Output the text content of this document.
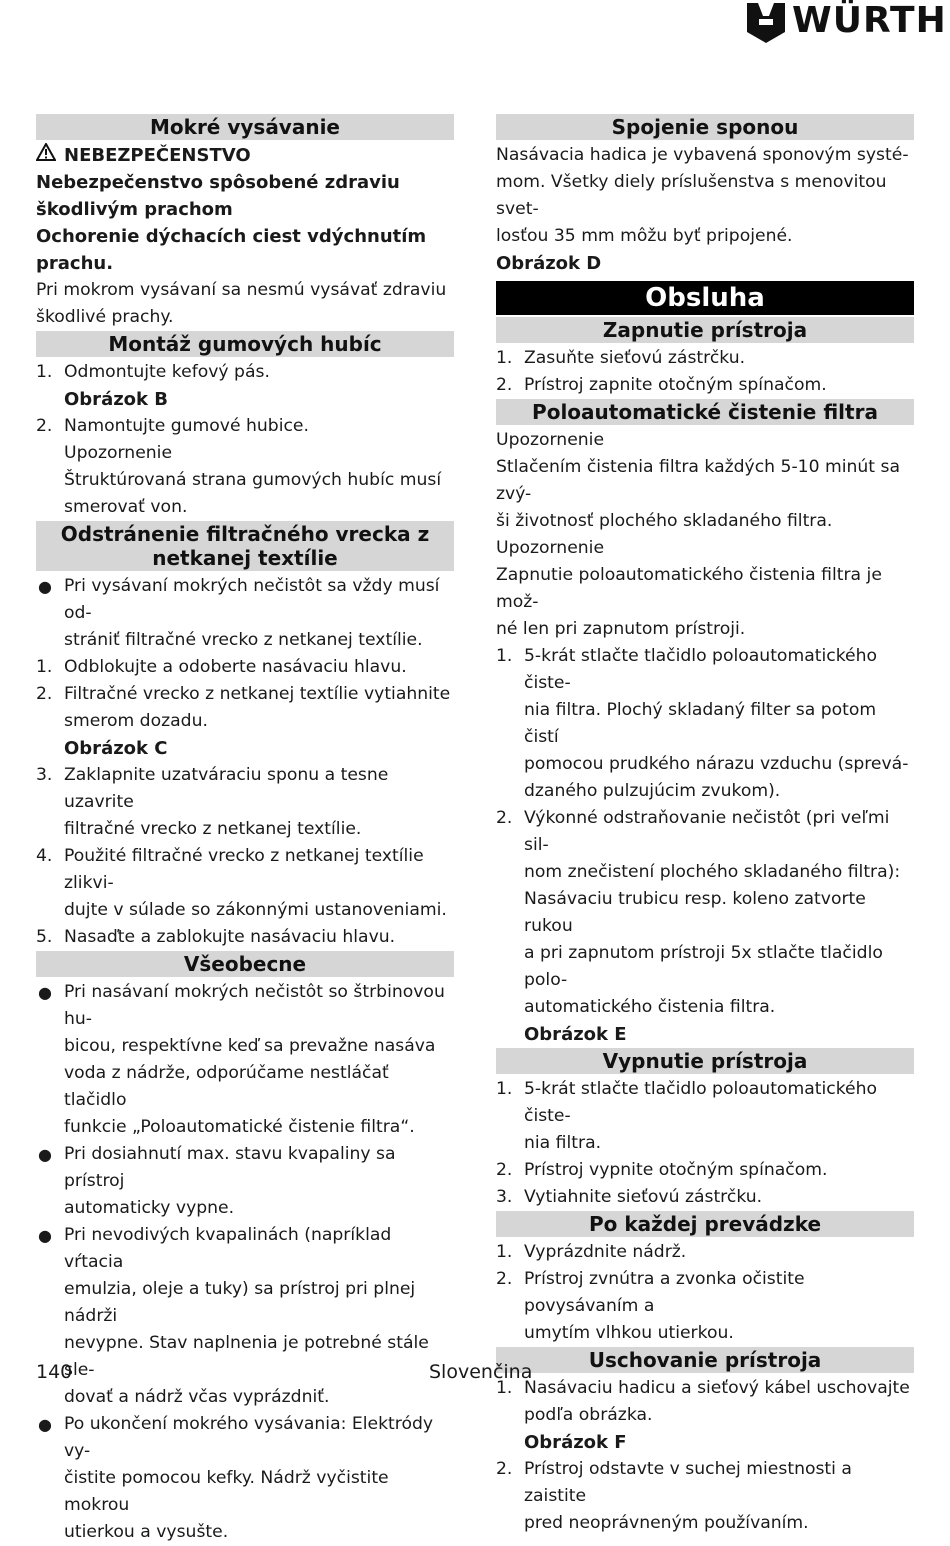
WÜRTH
Mokré vysávanie
NEBEZPEČENSTVO
Nebezpečenstvo spôsobené zdraviu
škodlivým prachom
Ochorenie dýchacích ciest vdýchnutím
prachu.
Pri mokrom vysávaní sa nesmú vysávať zdraviu
škodlivé prachy.
Montáž gumových hubíc
1. Odmontujte kefový pás.
Obrázok B
2. Namontujte gumové hubice.
Upozornenie
Štruktúrovaná strana gumových hubíc musí
smerovať von.
Odstránenie filtračného vrecka z
netkanej textílie
● Pri vysávaní mokrých nečistôt sa vždy musí od-
strániť filtračné vrecko z netkanej textílie.
1. Odblokujte a odoberte nasávaciu hlavu.
2. Filtračné vrecko z netkanej textílie vytiahnite
smerom dozadu.
Obrázok C
3. Zaklapnite uzatváraciu sponu a tesne uzavrite
filtračné vrecko z netkanej textílie.
4. Použité filtračné vrecko z netkanej textílie zlikvi-
dujte v súlade so zákonnými ustanoveniami.
5. Nasaďte a zablokujte nasávaciu hlavu.
Všeobecne
● Pri nasávaní mokrých nečistôt so štrbinovou hu-
bicou, respektívne keď sa prevažne nasáva
voda z nádrže, odporúčame nestláčať tlačidlo
funkcie „Poloautomatické čistenie filtra“.
● Pri dosiahnutí max. stavu kvapaliny sa prístroj
automaticky vypne.
● Pri nevodivých kvapalinách (napríklad vŕtacia
emulzia, oleje a tuky) sa prístroj pri plnej nádrži
nevypne. Stav naplnenia je potrebné stále sle-
dovať a nádrž včas vyprázdniť.
● Po ukončení mokrého vysávania: Elektródy vy-
čistite pomocou kefky. Nádrž vyčistite mokrou
utierkou a vysušte.
Spojenie sponou
Nasávacia hadica je vybavená sponovým systé-
mom. Všetky diely príslušenstva s menovitou svet-
losťou 35 mm môžu byť pripojené.
Obrázok D
Obsluha
Zapnutie prístroja
1. Zasuňte sieťovú zástrčku.
2. Prístroj zapnite otočným spínačom.
Poloautomatické čistenie filtra
Upozornenie
Stlačením čistenia filtra každých 5-10 minút sa zvý-
ši životnosť plochého skladaného filtra.
Upozornenie
Zapnutie poloautomatického čistenia filtra je mož-
né len pri zapnutom prístroji.
1. 5-krát stlačte tlačidlo poloautomatického čiste-
nia filtra. Plochý skladaný filter sa potom čistí
pomocou prudkého nárazu vzduchu (sprevá-
dzaného pulzujúcim zvukom).
2. Výkonné odstraňovanie nečistôt (pri veľmi sil-
nom znečistení plochého skladaného filtra):
Nasávaciu trubicu resp. koleno zatvorte rukou
a pri zapnutom prístroji 5x stlačte tlačidlo polo-
automatického čistenia filtra.
Obrázok E
Vypnutie prístroja
1. 5-krát stlačte tlačidlo poloautomatického čiste-
nia filtra.
2. Prístroj vypnite otočným spínačom.
3. Vytiahnite sieťovú zástrčku.
Po každej prevádzke
1. Vyprázdnite nádrž.
2. Prístroj zvnútra a zvonka očistite povysávaním a
umytím vlhkou utierkou.
Uschovanie prístroja
1. Nasávaciu hadicu a sieťový kábel uschovajte
podľa obrázka.
Obrázok F
2. Prístroj odstavte v suchej miestnosti a zaistite
pred neoprávneným používaním.
140	Slovenčina
